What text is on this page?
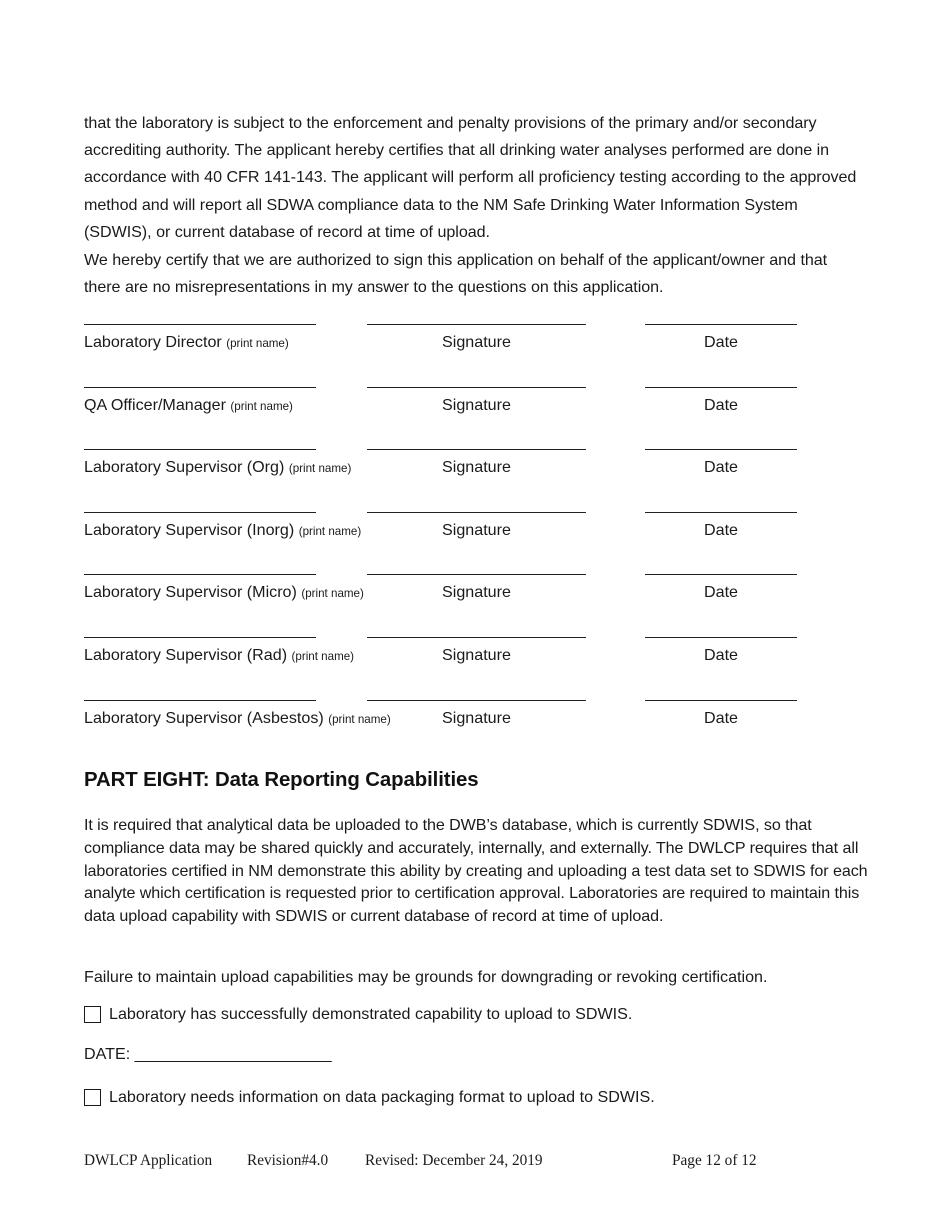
that the laboratory is subject to the enforcement and penalty provisions of the primary and/or secondary accrediting authority. The applicant hereby certifies that all drinking water analyses performed are done in accordance with 40 CFR 141-143. The applicant will perform all proficiency testing according to the approved method and will report all SDWA compliance data to the NM Safe Drinking Water Information System (SDWIS), or current database of record at time of upload.

We hereby certify that we are authorized to sign this application on behalf of the applicant/owner and that there are no misrepresentations in my answer to the questions on this application.

Laboratory Director (print name)	Signature	Date
QA Officer/Manager (print name)	Signature	Date
Laboratory Supervisor (Org) (print name)	Signature	Date
Laboratory Supervisor (Inorg) (print name)	Signature	Date
Laboratory Supervisor (Micro) (print name)	Signature	Date
Laboratory Supervisor (Rad) (print name)	Signature	Date
Laboratory Supervisor (Asbestos) (print name)	Signature	Date
PART EIGHT: Data Reporting Capabilities

It is required that analytical data be uploaded to the DWB’s database, which is currently SDWIS, so that compliance data may be shared quickly and accurately, internally, and externally. The DWLCP requires that all laboratories certified in NM demonstrate this ability by creating and uploading a test data set to SDWIS for each analyte which certification is requested prior to certification approval. Laboratories are required to maintain this data upload capability with SDWIS or current database of record at time of upload.

Failure to maintain upload capabilities may be grounds for downgrading or revoking certification.

Laboratory has successfully demonstrated capability to upload to SDWIS.
DATE: ______________________
Laboratory needs information on data packaging format to upload to SDWIS.
DWLCP Application Revision#4.0 Revised: December 24, 2019	Page 12 of 12
